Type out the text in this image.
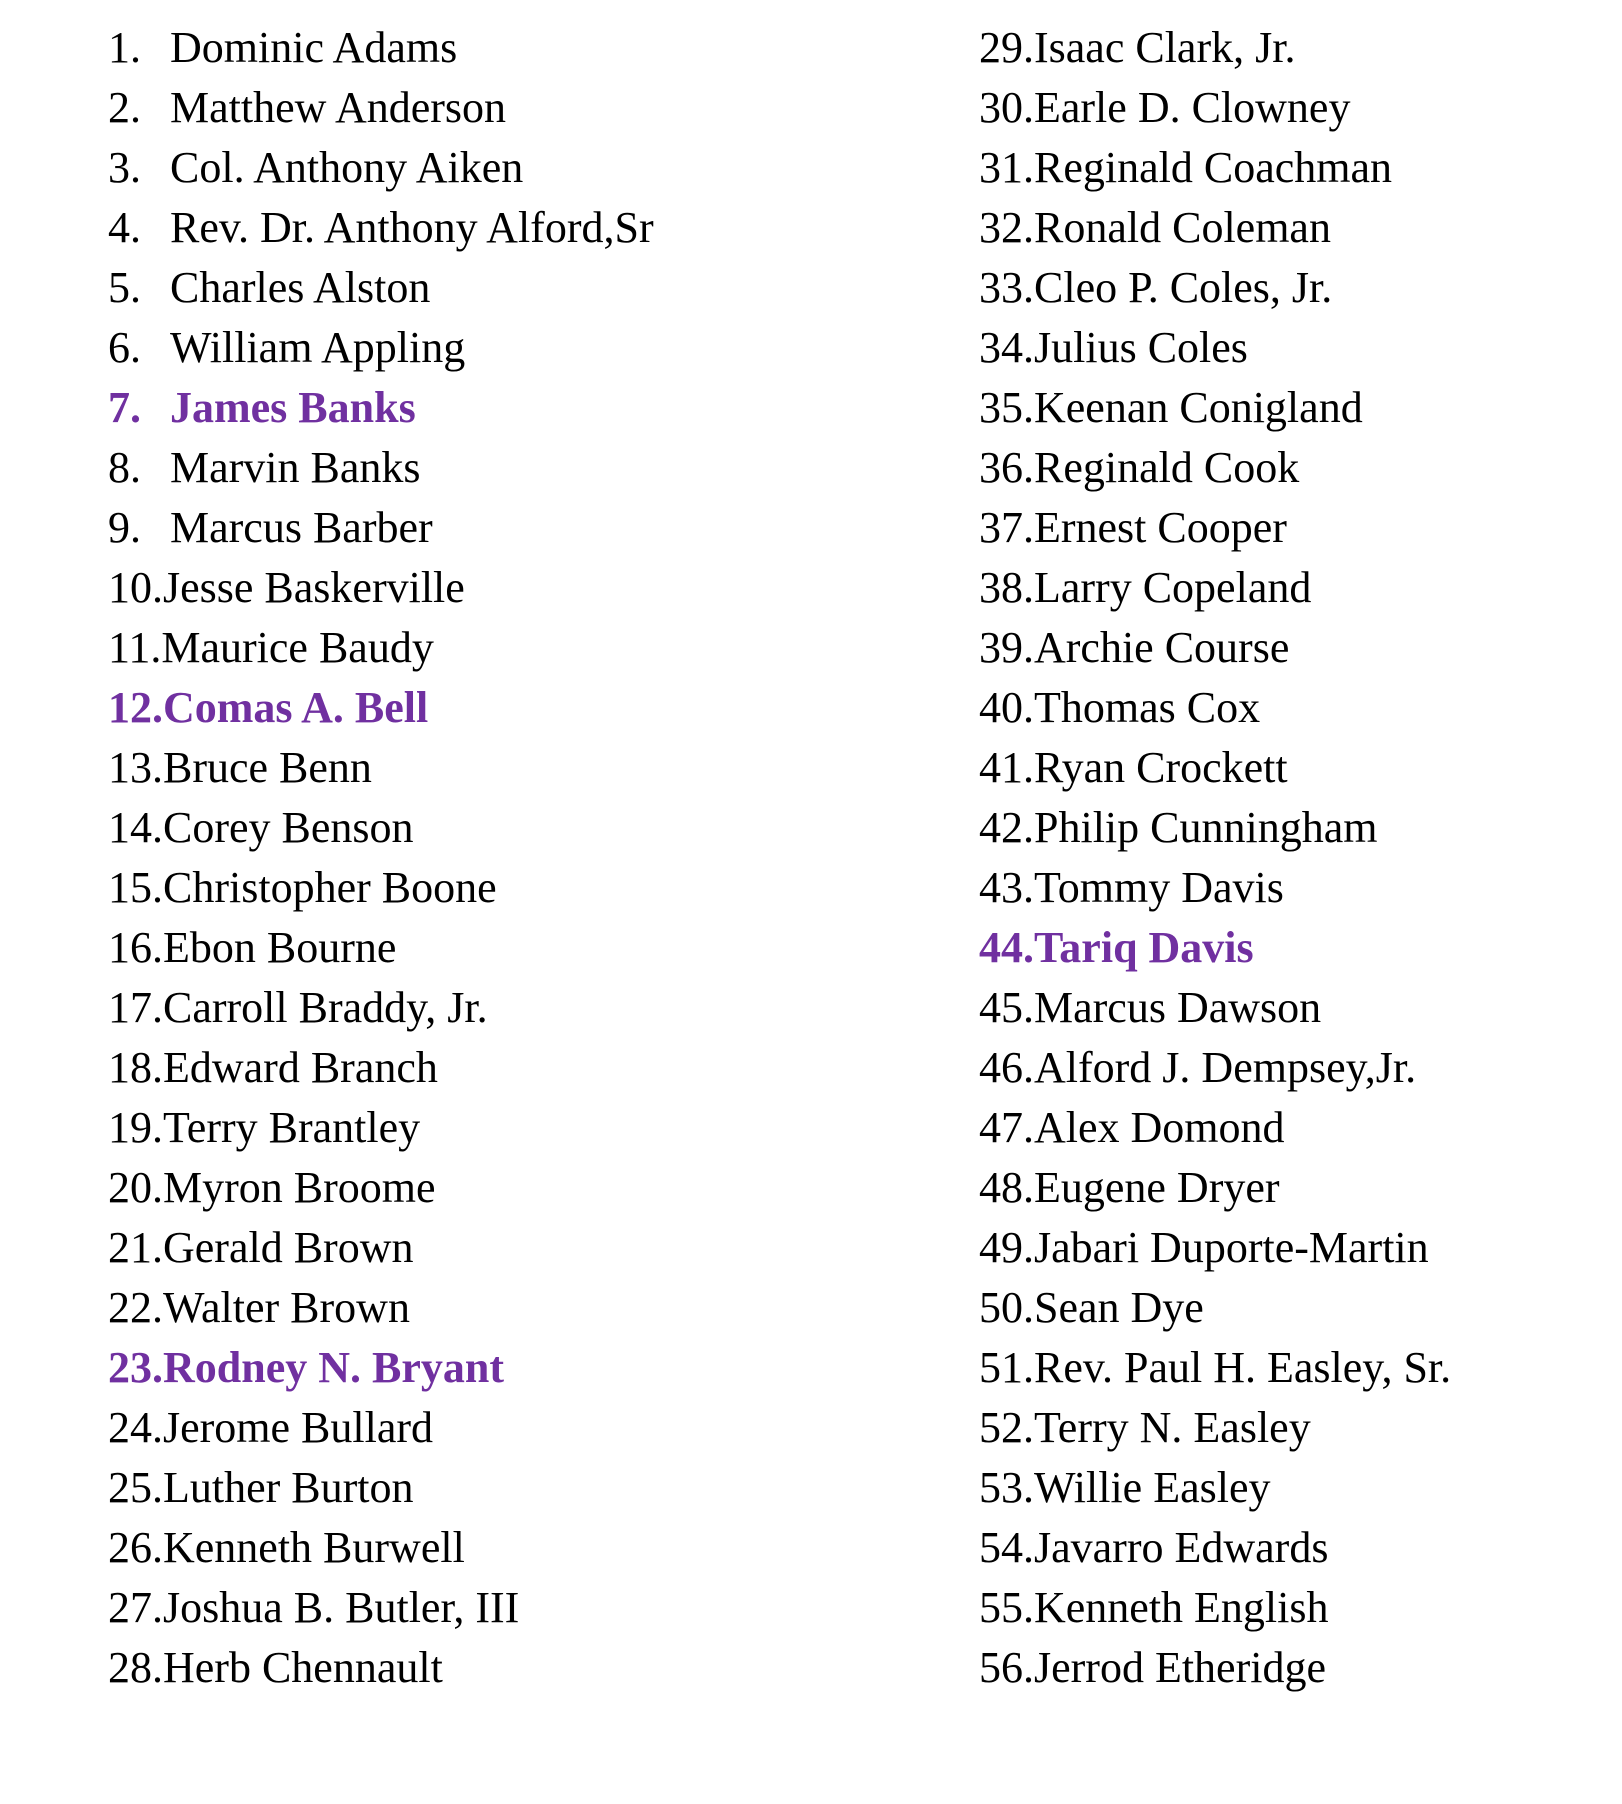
1. Dominic Adams
2. Matthew Anderson
3. Col. Anthony Aiken
4. Rev. Dr. Anthony Alford,Sr
5. Charles Alston
6. William Appling
7. James Banks
8. Marvin Banks
9. Marcus Barber
10. Jesse Baskerville
11. Maurice Baudy
12. Comas A. Bell
13. Bruce Benn
14. Corey Benson
15. Christopher Boone
16. Ebon Bourne
17. Carroll Braddy, Jr.
18. Edward Branch
19. Terry Brantley
20. Myron Broome
21. Gerald Brown
22. Walter Brown
23. Rodney N. Bryant
24. Jerome Bullard
25. Luther Burton
26. Kenneth Burwell
27. Joshua B. Butler, III
28. Herb Chennault
29. Isaac Clark, Jr.
30. Earle D. Clowney
31. Reginald Coachman
32. Ronald Coleman
33. Cleo P. Coles, Jr.
34. Julius Coles
35. Keenan Conigland
36. Reginald Cook
37. Ernest Cooper
38. Larry Copeland
39. Archie Course
40. Thomas Cox
41. Ryan Crockett
42. Philip Cunningham
43. Tommy Davis
44. Tariq Davis
45. Marcus Dawson
46. Alford J. Dempsey,Jr.
47. Alex Domond
48. Eugene Dryer
49. Jabari Duporte-Martin
50. Sean Dye
51. Rev. Paul H. Easley, Sr.
52. Terry N. Easley
53. Willie Easley
54. Javarro Edwards
55. Kenneth English
56. Jerrod Etheridge
